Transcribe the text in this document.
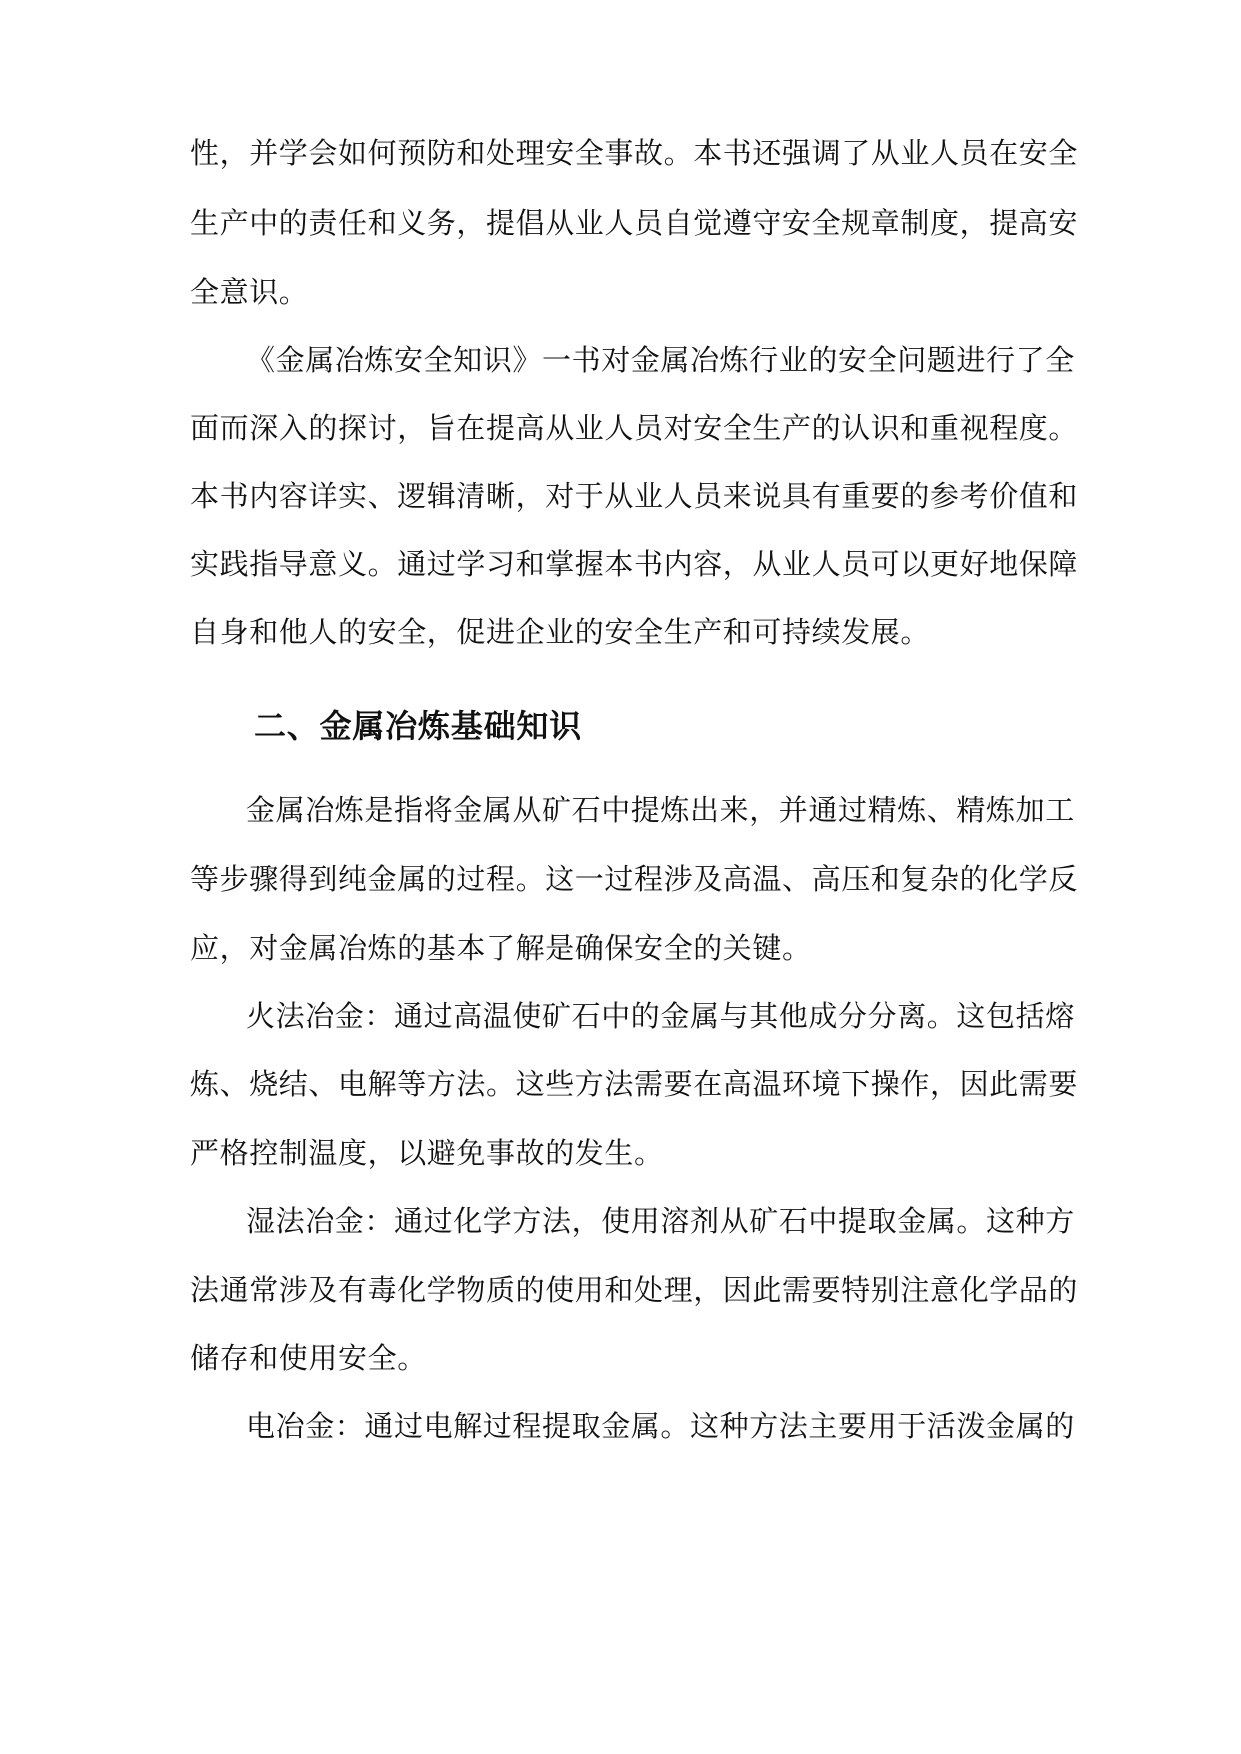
性，并学会如何预防和处理安全事故。本书还强调了从业人员在安全
生产中的责任和义务，提倡从业人员自觉遵守安全规章制度，提高安
全意识。
《金属冶炼安全知识》一书对金属冶炼行业的安全问题进行了全
面而深入的探讨，旨在提高从业人员对安全生产的认识和重视程度。
本书内容详实、逻辑清晰，对于从业人员来说具有重要的参考价值和
实践指导意义。通过学习和掌握本书内容，从业人员可以更好地保障
自身和他人的安全，促进企业的安全生产和可持续发展。
二、金属冶炼基础知识
金属冶炼是指将金属从矿石中提炼出来，并通过精炼、精炼加工
等步骤得到纯金属的过程。这一过程涉及高温、高压和复杂的化学反
应，对金属冶炼的基本了解是确保安全的关键。
火法冶金：通过高温使矿石中的金属与其他成分分离。这包括熔
炼、烧结、电解等方法。这些方法需要在高温环境下操作，因此需要
严格控制温度，以避免事故的发生。
湿法冶金：通过化学方法，使用溶剂从矿石中提取金属。这种方
法通常涉及有毒化学物质的使用和处理，因此需要特别注意化学品的
储存和使用安全。
电冶金：通过电解过程提取金属。这种方法主要用于活泼金属的
